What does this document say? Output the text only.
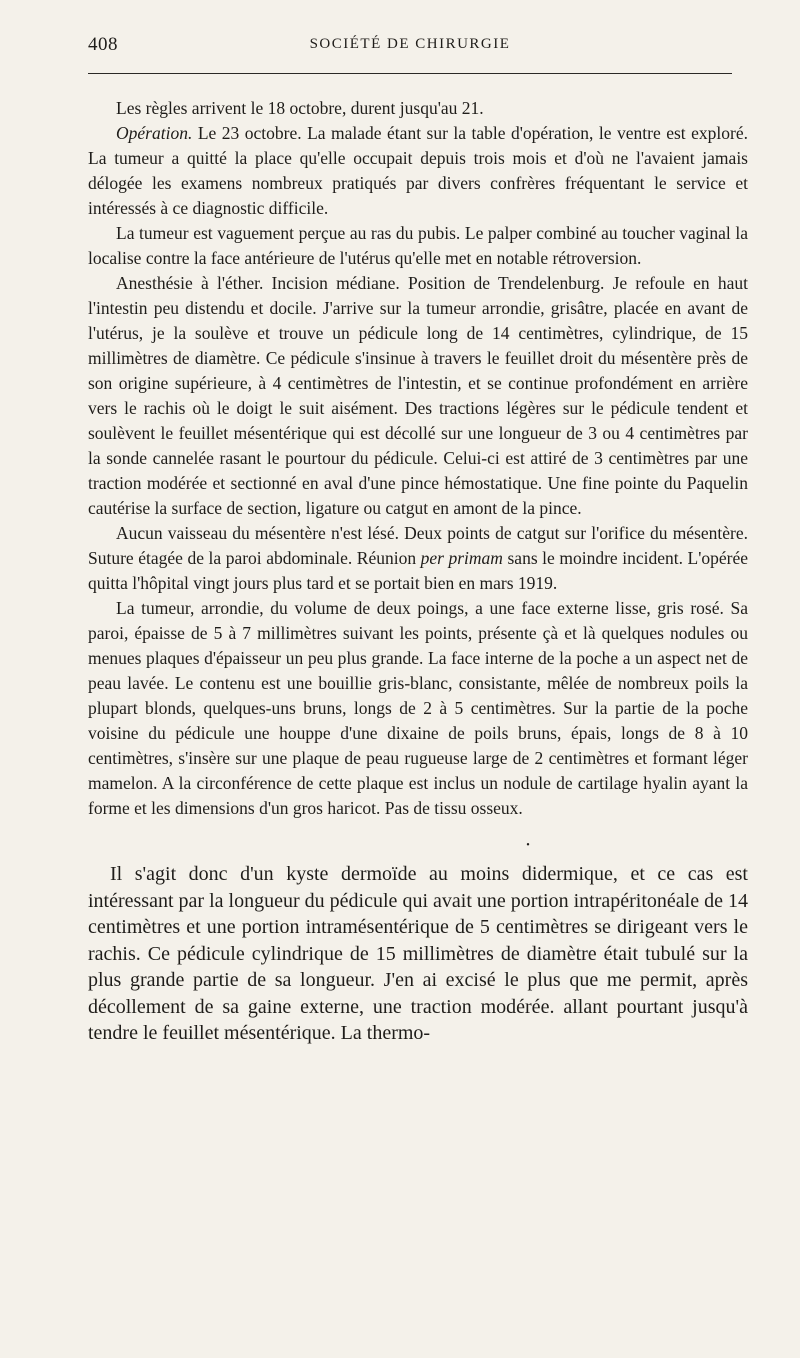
408	SOCIÉTÉ DE CHIRURGIE

Les règles arrivent le 18 octobre, durent jusqu'au 21.

Opération. Le 23 octobre. La malade étant sur la table d'opération, le ventre est exploré. La tumeur a quitté la place qu'elle occupait depuis trois mois et d'où ne l'avaient jamais délogée les examens nombreux pratiqués par divers confrères fréquentant le service et intéressés à ce diagnostic difficile.

La tumeur est vaguement perçue au ras du pubis. Le palper combiné au toucher vaginal la localise contre la face antérieure de l'utérus qu'elle met en notable rétroversion.

Anesthésie à l'éther. Incision médiane. Position de Trendelenburg. Je refoule en haut l'intestin peu distendu et docile. J'arrive sur la tumeur arrondie, grisâtre, placée en avant de l'utérus, je la soulève et trouve un pédicule long de 14 centimètres, cylindrique, de 15 millimètres de diamètre. Ce pédicule s'insinue à travers le feuillet droit du mésentère près de son origine supérieure, à 4 centimètres de l'intestin, et se continue profondément en arrière vers le rachis où le doigt le suit aisément. Des tractions légères sur le pédicule tendent et soulèvent le feuillet mésentérique qui est décollé sur une longueur de 3 ou 4 centimètres par la sonde cannelée rasant le pourtour du pédicule. Celui-ci est attiré de 3 centimètres par une traction modérée et sectionné en aval d'une pince hémostatique. Une fine pointe du Paquelin cautérise la surface de section, ligature ou catgut en amont de la pince.

Aucun vaisseau du mésentère n'est lésé. Deux points de catgut sur l'orifice du mésentère. Suture étagée de la paroi abdominale. Réunion per primam sans le moindre incident. L'opérée quitta l'hôpital vingt jours plus tard et se portait bien en mars 1919.

La tumeur, arrondie, du volume de deux poings, a une face externe lisse, gris rosé. Sa paroi, épaisse de 5 à 7 millimètres suivant les points, présente çà et là quelques nodules ou menues plaques d'épaisseur un peu plus grande. La face interne de la poche a un aspect net de peau lavée. Le contenu est une bouillie gris-blanc, consistante, mêlée de nombreux poils la plupart blonds, quelques-uns bruns, longs de 2 à 5 centimètres. Sur la partie de la poche voisine du pédicule une houppe d'une dixaine de poils bruns, épais, longs de 8 à 10 centimètres, s'insère sur une plaque de peau rugueuse large de 2 centimètres et formant léger mamelon. A la circonférence de cette plaque est inclus un nodule de cartilage hyalin ayant la forme et les dimensions d'un gros haricot. Pas de tissu osseux.

•

Il s'agit donc d'un kyste dermoïde au moins didermique, et ce cas est intéressant par la longueur du pédicule qui avait une portion intrapéritonéale de 14 centimètres et une portion intramésentérique de 5 centimètres se dirigeant vers le rachis. Ce pédicule cylindrique de 15 millimètres de diamètre était tubulé sur la plus grande partie de sa longueur. J'en ai excisé le plus que me permit, après décollement de sa gaine externe, une traction modérée. allant pourtant jusqu'à tendre le feuillet mésentérique. La thermo-
